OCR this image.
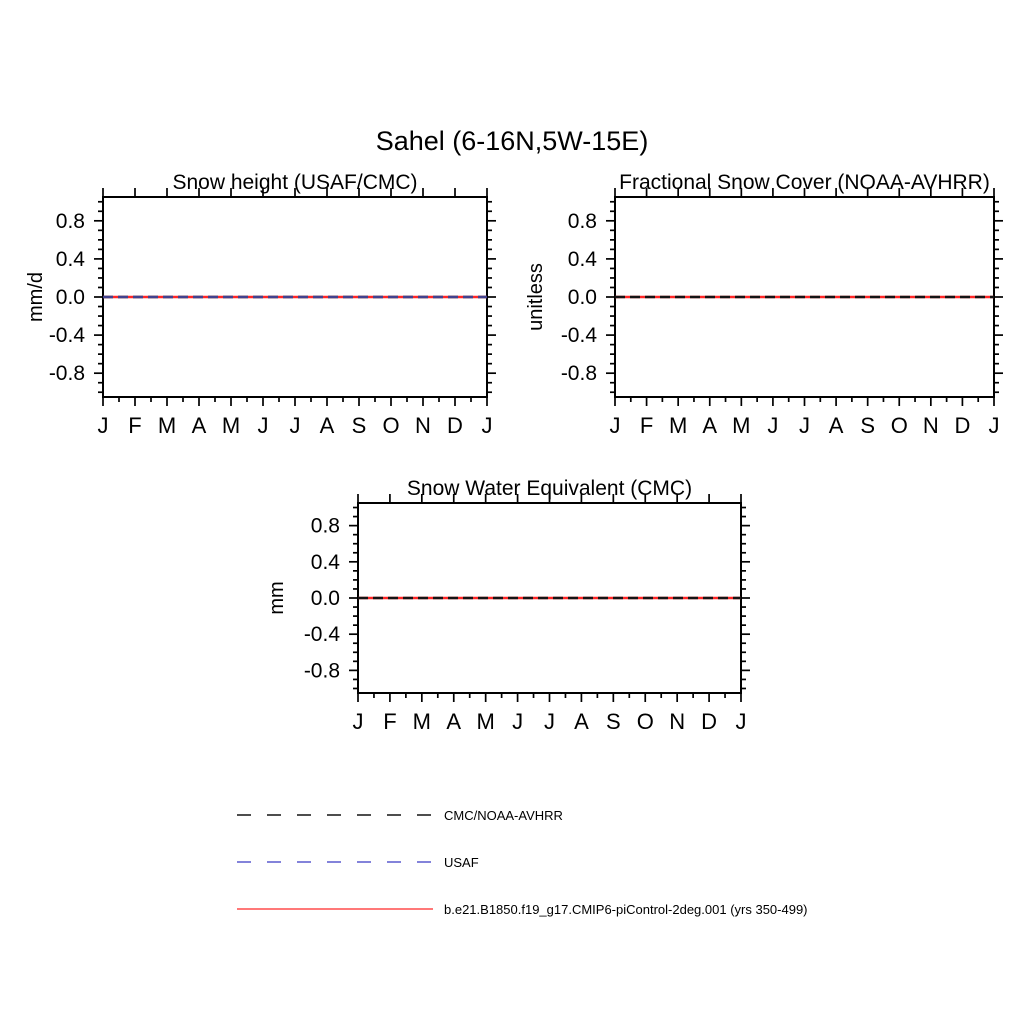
Sahel (6-16N,5W-15E)
Snow height (USAF/CMC)
mm/d
J F M A M J J A S O N D J
0.8
0.4
0.0
-0.4
-0.8
Fractional Snow Cover (NOAA-AVHRR)
unitless
J F M A M J J A S O N D J
0.8
0.4
0.0
-0.4
-0.8
Snow Water Equivalent (CMC)
mm
J F M A M J J A S O N D J
0.8
0.4
0.0
-0.4
-0.8
CMC/NOAA-AVHRR
USAF
b.e21.B1850.f19_g17.CMIP6-piControl-2deg.001 (yrs 350-499)
